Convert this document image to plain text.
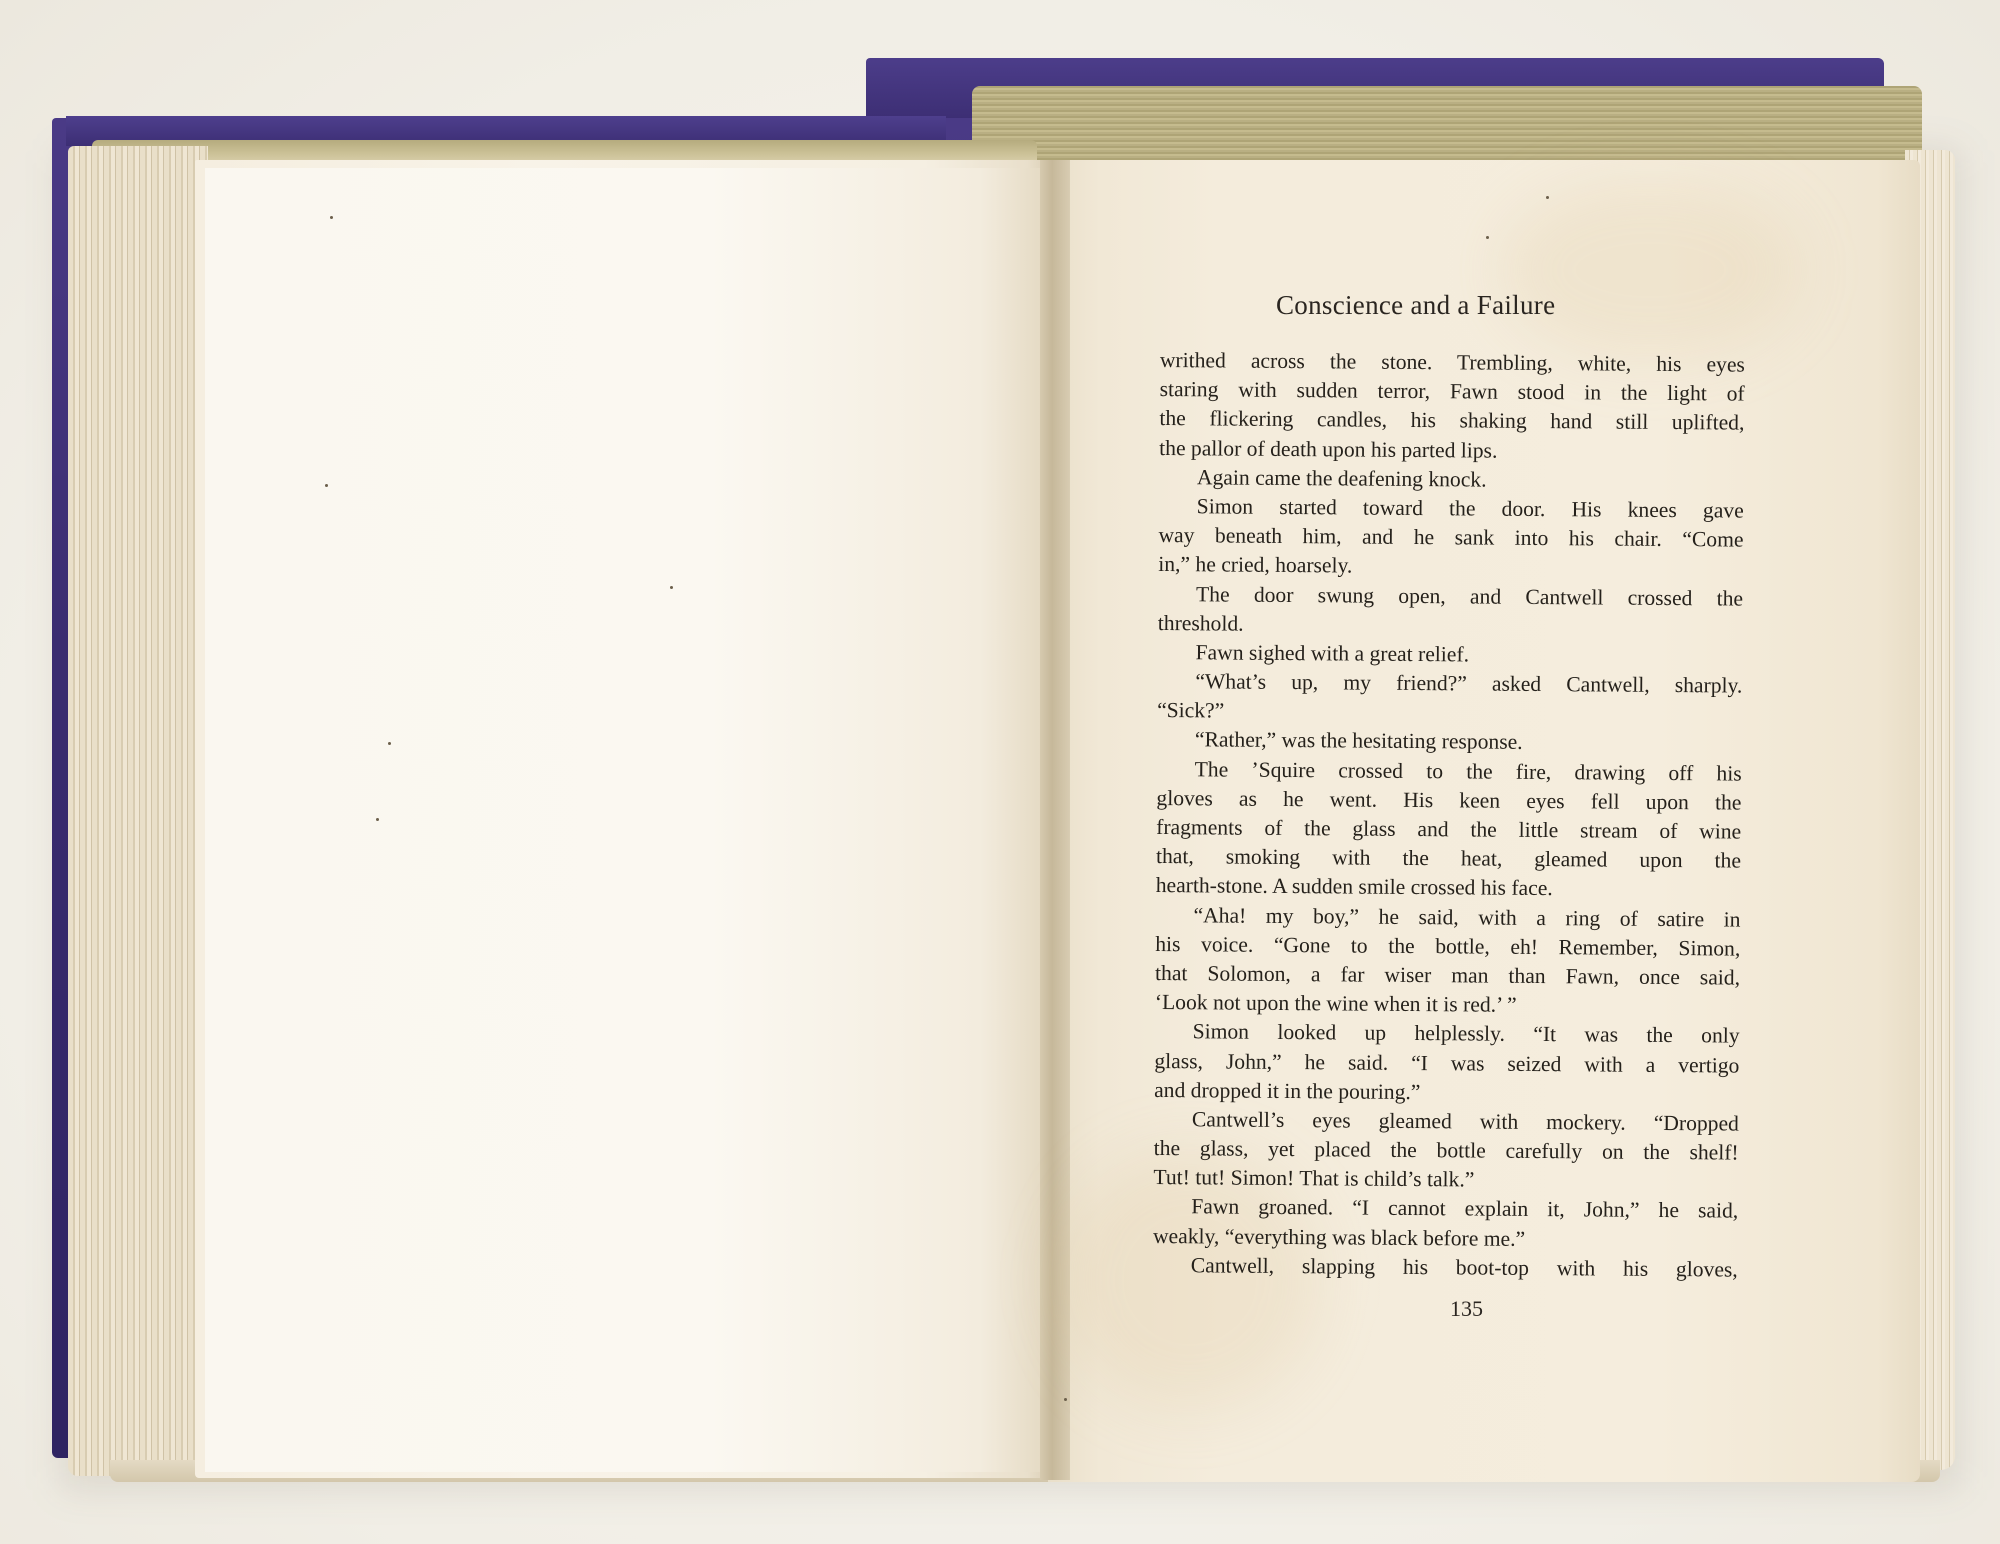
Conscience and a Failure
writhed across the stone. Trembling, white, his eyes
staring with sudden terror, Fawn stood in the light of
the flickering candles, his shaking hand still uplifted,
the pallor of death upon his parted lips.
Again came the deafening knock.
Simon started toward the door. His knees gave
way beneath him, and he sank into his chair. “Come
in,” he cried, hoarsely.
The door swung open, and Cantwell crossed the
threshold.
Fawn sighed with a great relief.
“What’s up, my friend?” asked Cantwell, sharply.
“Sick?”
“Rather,” was the hesitating response.
The ’Squire crossed to the fire, drawing off his
gloves as he went. His keen eyes fell upon the
fragments of the glass and the little stream of wine
that, smoking with the heat, gleamed upon the
hearth-stone. A sudden smile crossed his face.
“Aha! my boy,” he said, with a ring of satire in
his voice. “Gone to the bottle, eh! Remember, Simon,
that Solomon, a far wiser man than Fawn, once said,
‘Look not upon the wine when it is red.’ ”
Simon looked up helplessly. “It was the only
glass, John,” he said. “I was seized with a vertigo
and dropped it in the pouring.”
Cantwell’s eyes gleamed with mockery. “Dropped
the glass, yet placed the bottle carefully on the shelf!
Tut! tut! Simon! That is child’s talk.”
Fawn groaned. “I cannot explain it, John,” he said,
weakly, “everything was black before me.”
Cantwell, slapping his boot-top with his gloves,
135
